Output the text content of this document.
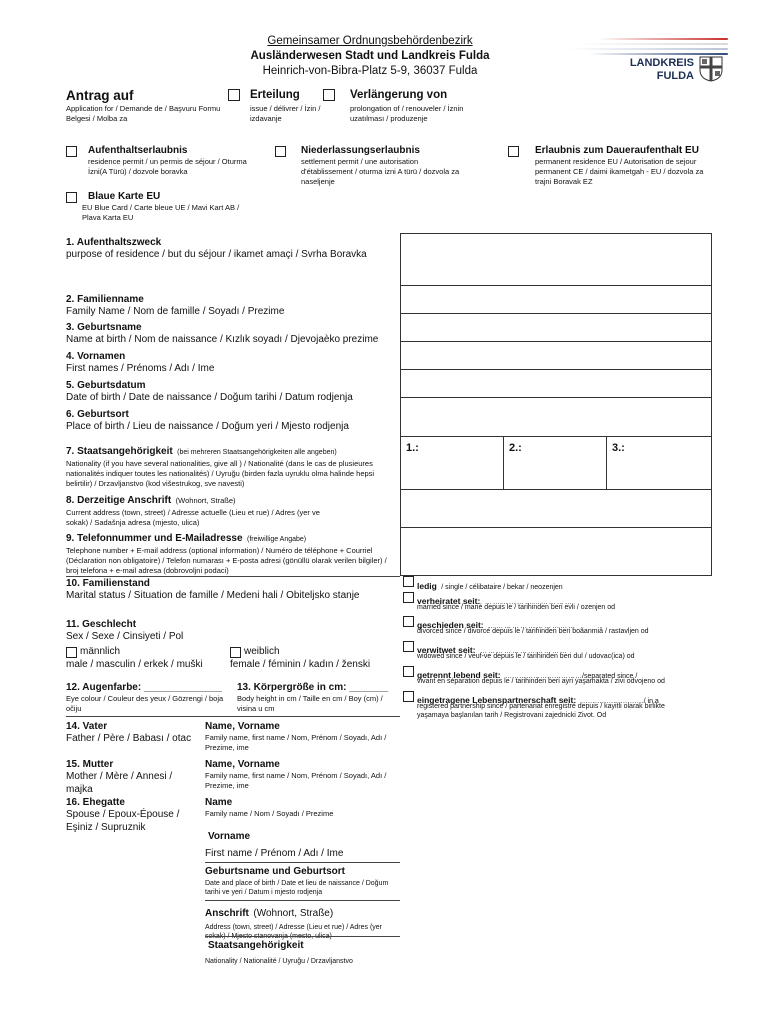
Gemeinsamer Ordnungsbehördenbezirk
Ausländerwesen Stadt und Landkreis Fulda
Heinrich-von-Bibra-Platz 5-9, 36037 Fulda
LANDKREIS
FULDA
Antrag auf
Application for / Demande de / Başvuru Formu Belgesi / Molba za
Erteilung
issue / délivrer / İzin / izdavanje
Verlängerung von
prolongation of / renouveler / İznin uzatılması / produzenje
Aufenthaltserlaubnis
residence permit / un permis de séjour / Oturma İzni(A Türü) / dozvole boravka
Niederlassungserlaubnis
settlement permit / une autorisation d'établissement / oturma izni A türü / dozvola za naseljenje
Erlaubnis zum Daueraufenthalt EU
permanent residence EU / Autorisation de sejour permanent CE / daimi ikametgah - EU / dozvola za trajni Boravak EZ
Blaue Karte EU
EU Blue Card / Carte bleue UE / Mavi Kart AB / Plava Karta EU
1.:	2.:	3.:
1. Aufenthaltszweck
purpose of residence / but du séjour / ikamet amaçi / Svrha Boravka
2. Familienname
Family Name / Nom de famille / Soyadı / Prezime
3. Geburtsname
Name at birth / Nom de naissance / Kızlık soyadı / Djevojaèko prezime
4. Vornamen
First names / Prénoms / Adı / Ime
5. Geburtsdatum
Date of birth / Date de naissance / Doğum tarihi / Datum rodjenja
6. Geburtsort
Place of birth / Lieu de naissance / Doğum yeri / Mjesto rodjenja
7. Staatsangehörigkeit (bei mehreren Staatsangehörigkeiten alle angeben)
Nationality (if you have several nationalities, give all ) / Nationalité (dans le cas de plusieures nationalités indiquer toutes les nationalités) / Uyruğu (birden fazla uyruklu olma halinde hepsi belirtilir) / Drzavljanstvo (kod višestrukog, sve navesti)
8. Derzeitige Anschrift (Wohnort, Straße)
Current address (town, street) / Adresse actuelle (Lieu et rue) / Adres (yer ve sokak) / Sadašnja adresa (mjesto, ulica)
9. Telefonnummer und E-Mailadresse (freiwillige Angabe)
Telephone number + E-mail address (optional information) / Numéro de téléphone + Courriel (Déclaration non obligatoire) / Telefon numarası + E-posta adresi (gönüllü olarak verilen bilgiler) / broj telefona + e-mail adresa (dobrovoljni podaci)
10. Familienstand
Marital status / Situation de famille / Medeni hali / Obiteljsko stanje
11. Geschlecht
Sex / Sexe / Cinsiyeti / Pol
männlich
male / masculin / erkek / muški
weiblich
female / féminin / kadın / ženski
12. Augenfarbe: ______________
Eye colour / Couleur des yeux / Gözrengi / boja očiju
13. Körpergröße in cm: _______
Body height in cm / Taille en cm / Boy (cm) / visina u cm
14. Vater
Father / Père / Babası / otac
Name, Vorname
Family name, first name / Nom, Prénom / Soyadı, Adı / Prezime, ime
15. Mutter
Mother / Mère / Annesi / majka
Name, Vorname
Family name, first name / Nom, Prénom / Soyadı, Adı / Prezime, ime
16. Ehegatte
Spouse / Epoux-Épouse / Eşiniz / Supruznik
Name
Family name / Nom / Soyadı / Prezime
Vorname
First name / Prénom / Adı / Ime
Geburtsname und Geburtsort
Date and place of birth / Date et lieu de naissance / Doğum tarihi ve yeri / Datum i mjesto rodjenja
Anschrift (Wohnort, Straße)
Address (town, street) / Adresse (Lieu et rue) / Adres (yer sokak) / Mjesto stanovanja (mesto, ulica)
Staatsangehörigkeit
Nationality / Nationalité / Uyruğu / Drzavljanstvo
ledig / single / célibataire / bekar / neozenjen
verheiratet seit: ……………………………
married since / marié depuis le / tarihinden beri evli / ozenjen od
geschieden seit: ……………………………
divorced since / divorcé depuis le / tarihinden beri boãanmiå / rastavljen od
verwitwet seit: ……………………………
widowed since / veuf-ve depuis le / tarihinden beri dul / udovac(ica) od
getrennt lebend seit: ……………………………/separated since /
vivant en séparation depuis le / tarihinden beri ayri yaşamakta / zivi odvojeno od
eingetragene Lebenspartnerschaft seit: ………………………/ in a
registered partnership since / partenariat enregistré depuis / kayitli olarak birlikte yaşamaya başlanılan tarih / Registrovani zajednicki Zivot. Od
